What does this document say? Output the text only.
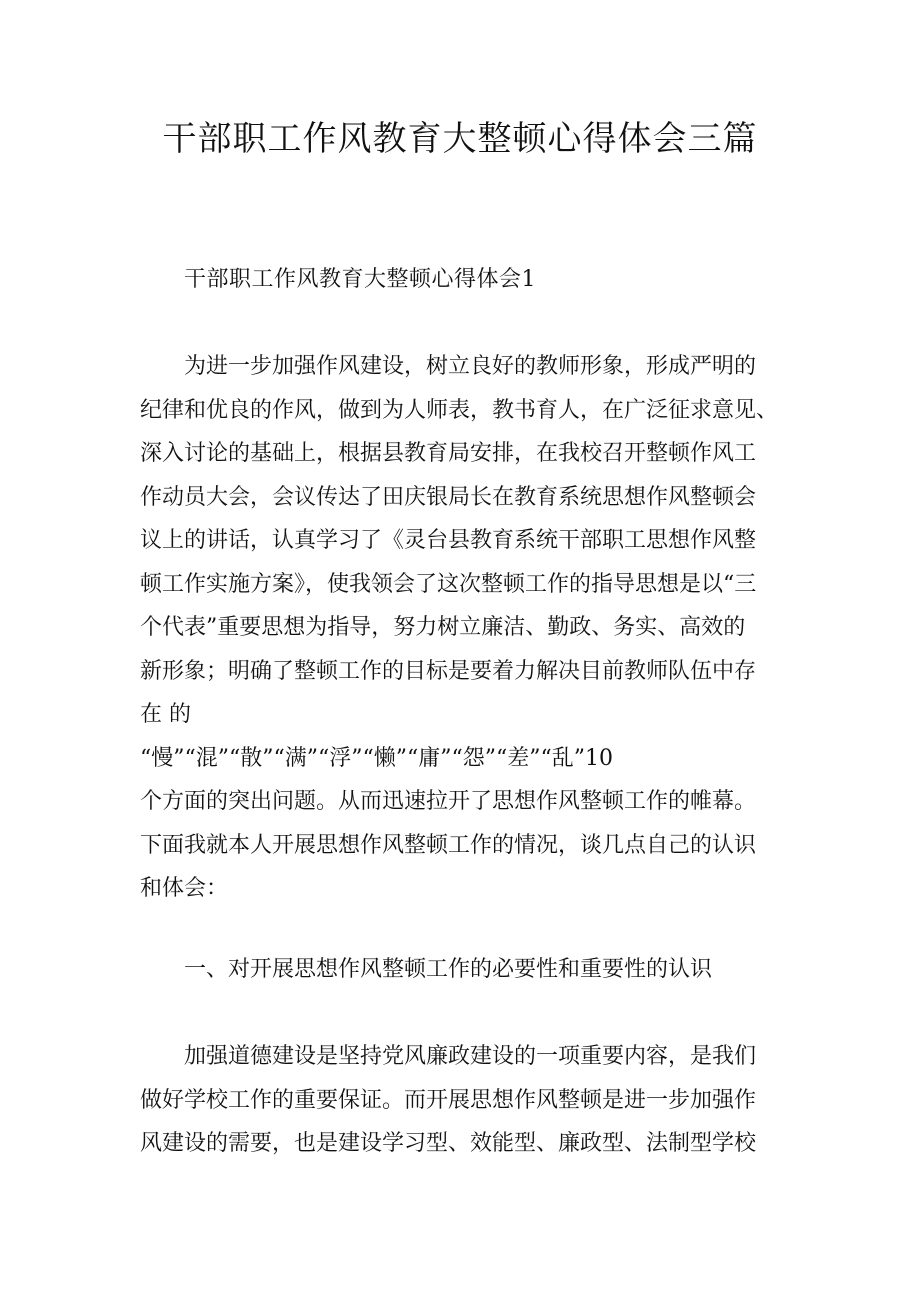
干部职工作风教育大整顿心得体会三篇

干部职工作风教育大整顿心得体会1

为进一步加强作风建设，树立良好的教师形象，形成严明的
纪律和优良的作风，做到为人师表，教书育人，在广泛征求意见、
深入讨论的基础上，根据县教育局安排，在我校召开整顿作风工
作动员大会，会议传达了田庆银局长在教育系统思想作风整顿会
议上的讲话，认真学习了《灵台县教育系统干部职工思想作风整
顿工作实施方案》，使我领会了这次整顿工作的指导思想是以“三
个代表”重要思想为指导，努力树立廉洁、勤政、务实、高效的
新形象；明确了整顿工作的目标是要着力解决目前教师队伍中存
在 的
“慢”“混”“散”“满”“浮”“懒”“庸”“怨”“差”“乱”10
个方面的突出问题。从而迅速拉开了思想作风整顿工作的帷幕。
下面我就本人开展思想作风整顿工作的情况，谈几点自己的认识
和体会：

一、对开展思想作风整顿工作的必要性和重要性的认识

加强道德建设是坚持党风廉政建设的一项重要内容，是我们
做好学校工作的重要保证。而开展思想作风整顿是进一步加强作
风建设的需要，也是建设学习型、效能型、廉政型、法制型学校
